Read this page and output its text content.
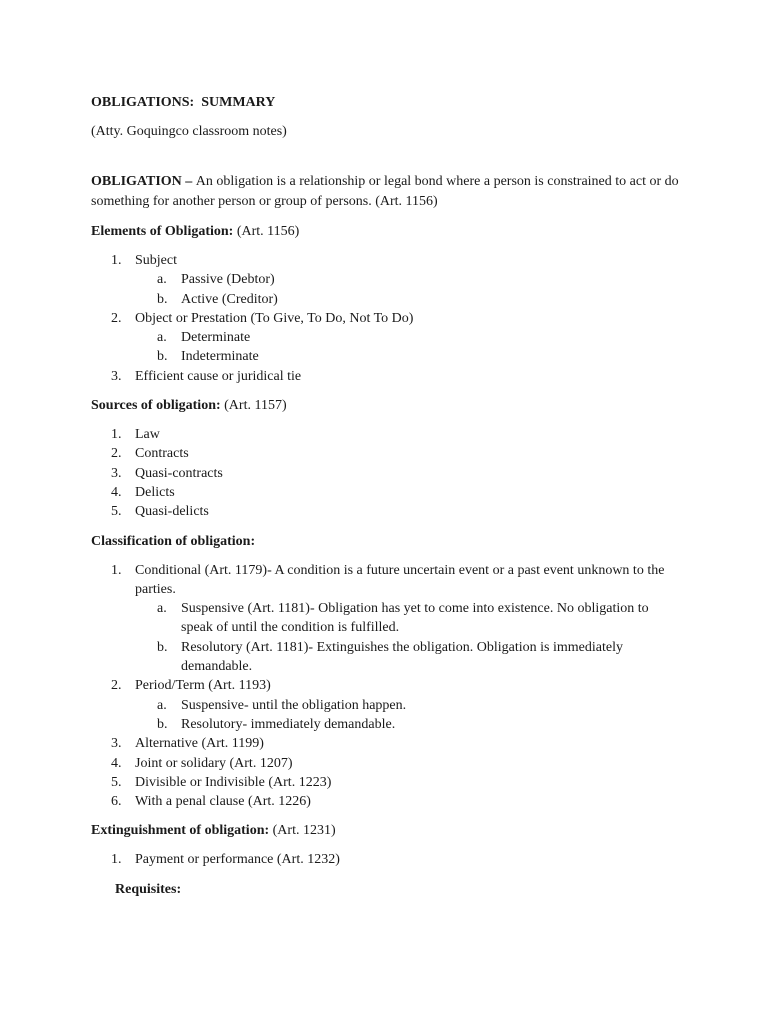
OBLIGATIONS:  SUMMARY

(Atty. Goquingco classroom notes)

OBLIGATION – An obligation is a relationship or legal bond where a person is constrained to act or do something for another person or group of persons. (Art. 1156)

Elements of Obligation: (Art. 1156)

1. Subject
a. Passive (Debtor)
b. Active (Creditor)
2. Object or Prestation (To Give, To Do, Not To Do)
a. Determinate
b. Indeterminate
3. Efficient cause or juridical tie

Sources of obligation: (Art. 1157)

1. Law
2. Contracts
3. Quasi-contracts
4. Delicts
5. Quasi-delicts

Classification of obligation:

1. Conditional (Art. 1179)- A condition is a future uncertain event or a past event unknown to the parties.
a. Suspensive (Art. 1181)- Obligation has yet to come into existence. No obligation to speak of until the condition is fulfilled.
b. Resolutory (Art. 1181)- Extinguishes the obligation. Obligation is immediately demandable.
2. Period/Term (Art. 1193)
a. Suspensive- until the obligation happen.
b. Resolutory- immediately demandable.
3. Alternative (Art. 1199)
4. Joint or solidary (Art. 1207)
5. Divisible or Indivisible (Art. 1223)
6. With a penal clause (Art. 1226)

Extinguishment of obligation: (Art. 1231)

1. Payment or performance (Art. 1232)

Requisites:
